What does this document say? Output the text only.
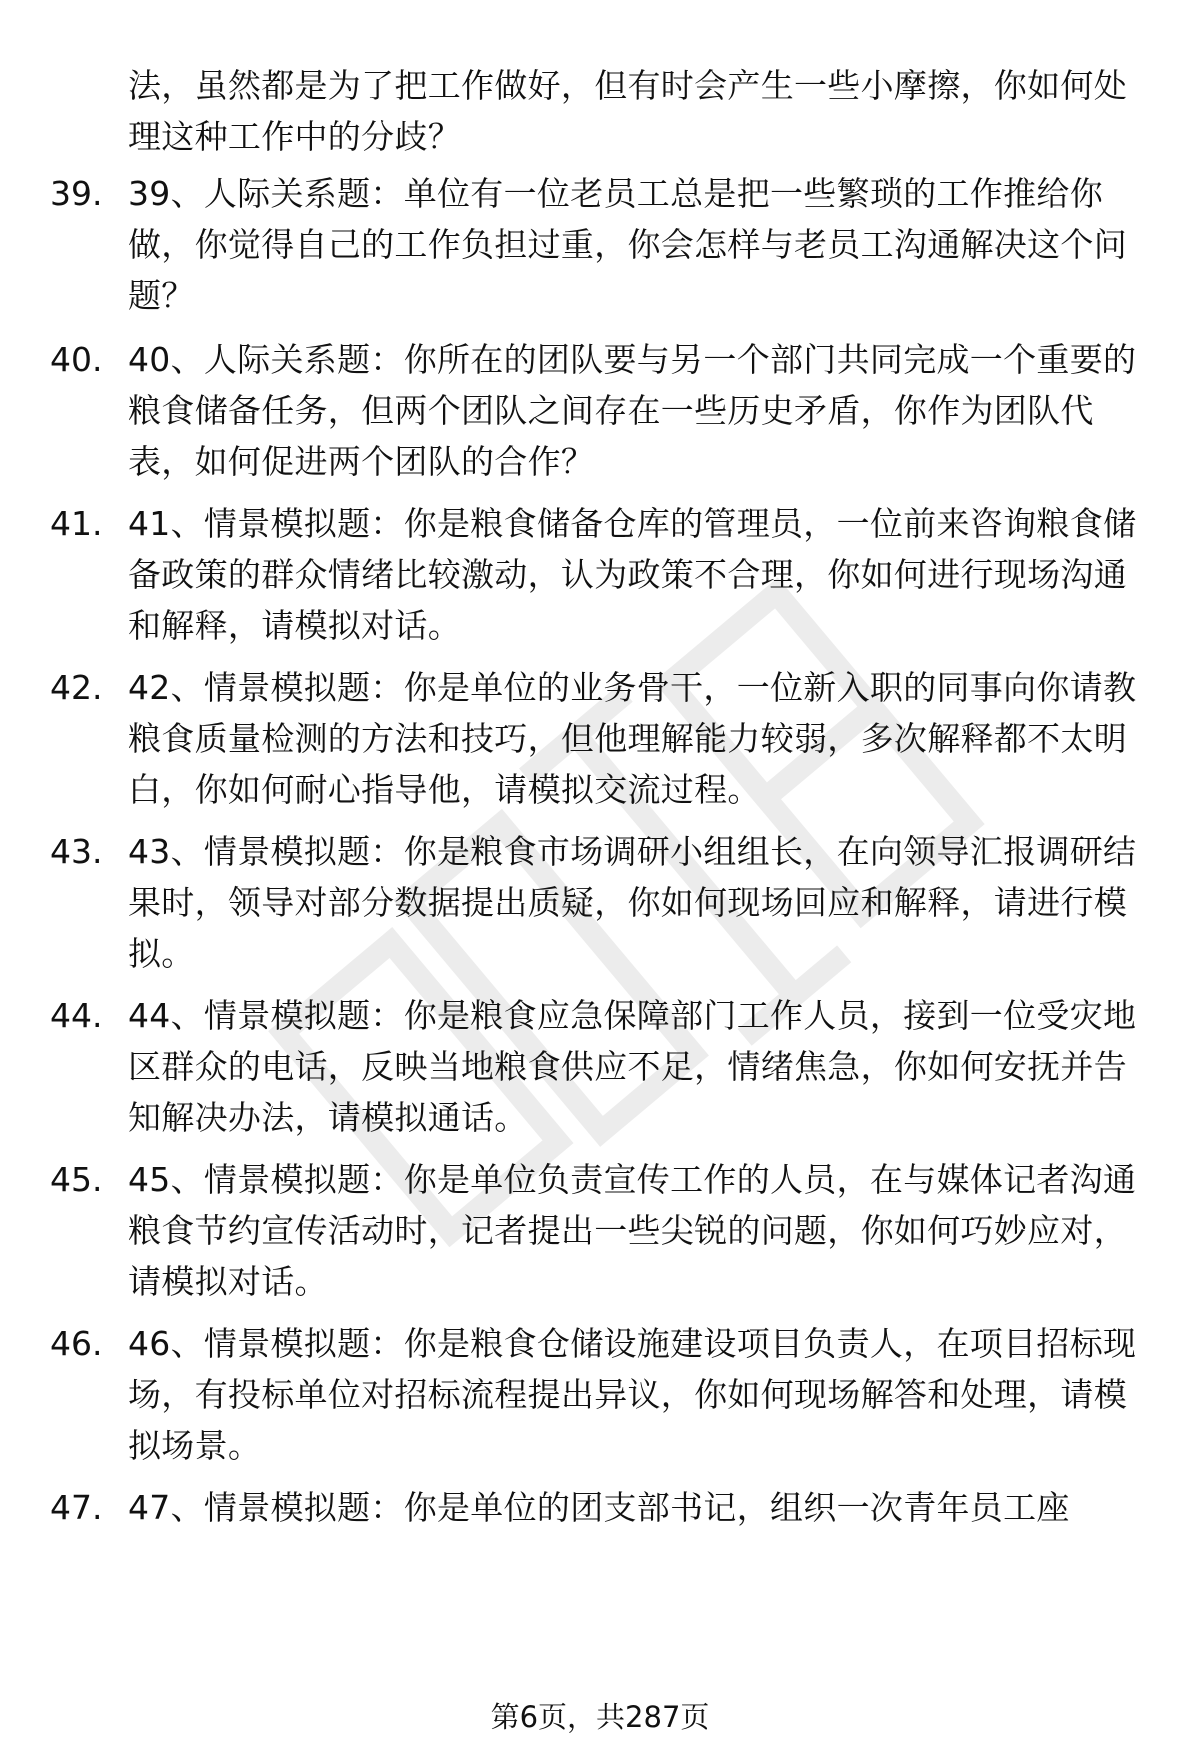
法，虽然都是为了把工作做好，但有时会产生一些小摩擦，你如何处理这种工作中的分歧？
39. 39、人际关系题：单位有一位老员工总是把一些繁琐的工作推给你做，你觉得自己的工作负担过重，你会怎样与老员工沟通解决这个问题？
40. 40、人际关系题：你所在的团队要与另一个部门共同完成一个重要的粮食储备任务，但两个团队之间存在一些历史矛盾，你作为团队代表，如何促进两个团队的合作？
41. 41、情景模拟题：你是粮食储备仓库的管理员，一位前来咨询粮食储备政策的群众情绪比较激动，认为政策不合理，你如何进行现场沟通和解释，请模拟对话。
42. 42、情景模拟题：你是单位的业务骨干，一位新入职的同事向你请教粮食质量检测的方法和技巧，但他理解能力较弱，多次解释都不太明白，你如何耐心指导他，请模拟交流过程。
43. 43、情景模拟题：你是粮食市场调研小组组长，在向领导汇报调研结果时，领导对部分数据提出质疑，你如何现场回应和解释，请进行模拟。
44. 44、情景模拟题：你是粮食应急保障部门工作人员，接到一位受灾地区群众的电话，反映当地粮食供应不足，情绪焦急，你如何安抚并告知解决办法，请模拟通话。
45. 45、情景模拟题：你是单位负责宣传工作的人员，在与媒体记者沟通粮食节约宣传活动时，记者提出一些尖锐的问题，你如何巧妙应对，请模拟对话。
46. 46、情景模拟题：你是粮食仓储设施建设项目负责人，在项目招标现场，有投标单位对招标流程提出异议，你如何现场解答和处理，请模拟场景。
47. 47、情景模拟题：你是单位的团支部书记，组织一次青年员工座
第6页，共287页
